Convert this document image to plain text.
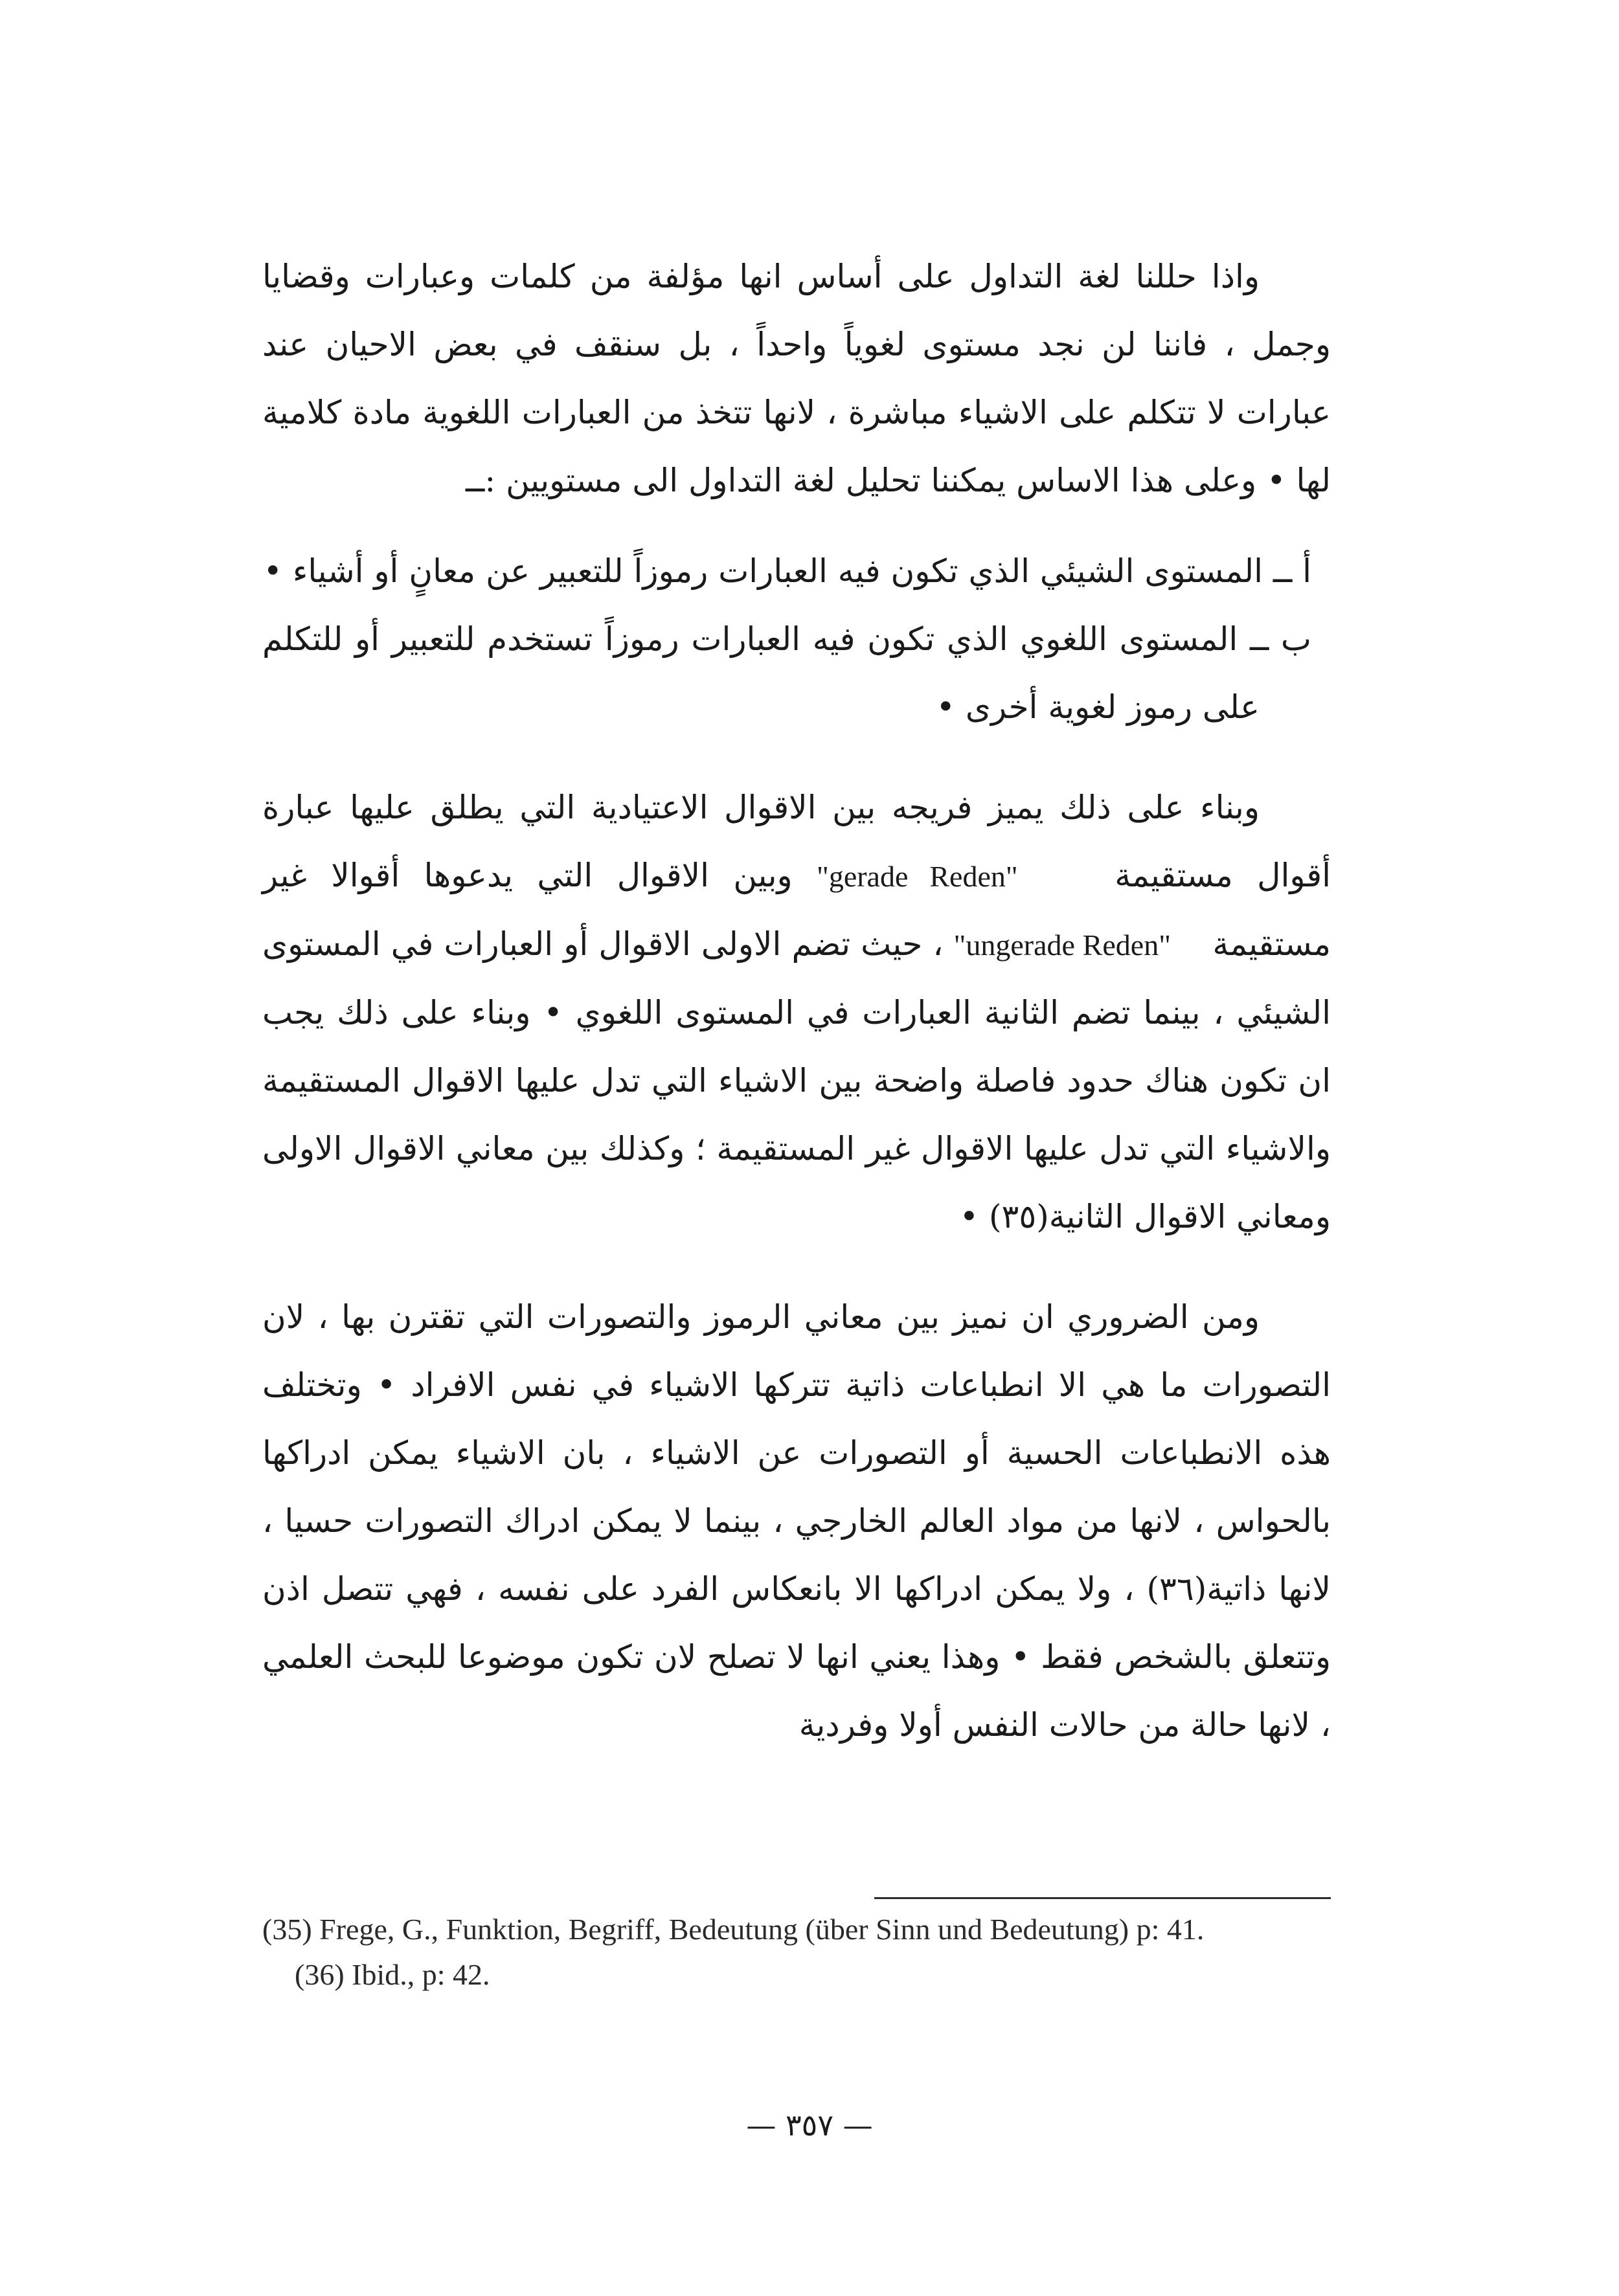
واذا حللنا لغة التداول على أساس انها مؤلفة من كلمات وعبارات وقضايا وجمل ، فاننا لن نجد مستوى لغوياً واحداً ، بل سنقف في بعض الاحيان عند عبارات لا تتكلم على الاشياء مباشرة ، لانها تتخذ من العبارات اللغوية مادة كلامية لها • وعلى هذا الاساس يمكننا تحليل لغة التداول الى مستويين :ــ

أ ــ المستوى الشيئي الذي تكون فيه العبارات رموزاً للتعبير عن معانٍ أو أشياء •

ب ــ المستوى اللغوي الذي تكون فيه العبارات رموزاً تستخدم للتعبير أو للتكلم على رموز لغوية أخرى •

وبناء على ذلك يميز فريجه بين الاقوال الاعتيادية التي يطلق عليها عبارة أقوال مستقيمة    "gerade Reden" وبين الاقوال التي يدعوها أقوالا غير مستقيمة    "ungerade Reden" ، حيث تضم الاولى الاقوال أو العبارات في المستوى الشيئي ، بينما تضم الثانية العبارات في المستوى اللغوي • وبناء على ذلك يجب ان تكون هناك حدود فاصلة واضحة بين الاشياء التي تدل عليها الاقوال المستقيمة والاشياء التي تدل عليها الاقوال غير المستقيمة ؛ وكذلك بين معاني الاقوال الاولى ومعاني الاقوال الثانية(٣٥) •

ومن الضروري ان نميز بين معاني الرموز والتصورات التي تقترن بها ، لان التصورات ما هي الا انطباعات ذاتية تتركها الاشياء في نفس الافراد • وتختلف هذه الانطباعات الحسية أو التصورات عن الاشياء ، بان الاشياء يمكن ادراكها بالحواس ، لانها من مواد العالم الخارجي ، بينما لا يمكن ادراك التصورات حسيا ، لانها ذاتية(٣٦) ، ولا يمكن ادراكها الا بانعكاس الفرد على نفسه ، فهي تتصل اذن وتتعلق بالشخص فقط • وهذا يعني انها لا تصلح لان تكون موضوعا للبحث العلمي ، لانها حالة من حالات النفس أولا وفردية

(35) Frege, G., Funktion, Begriff, Bedeutung (über Sinn und Bedeutung) p: 41.

(36) Ibid., p: 42.

— ٣٥٧ —
